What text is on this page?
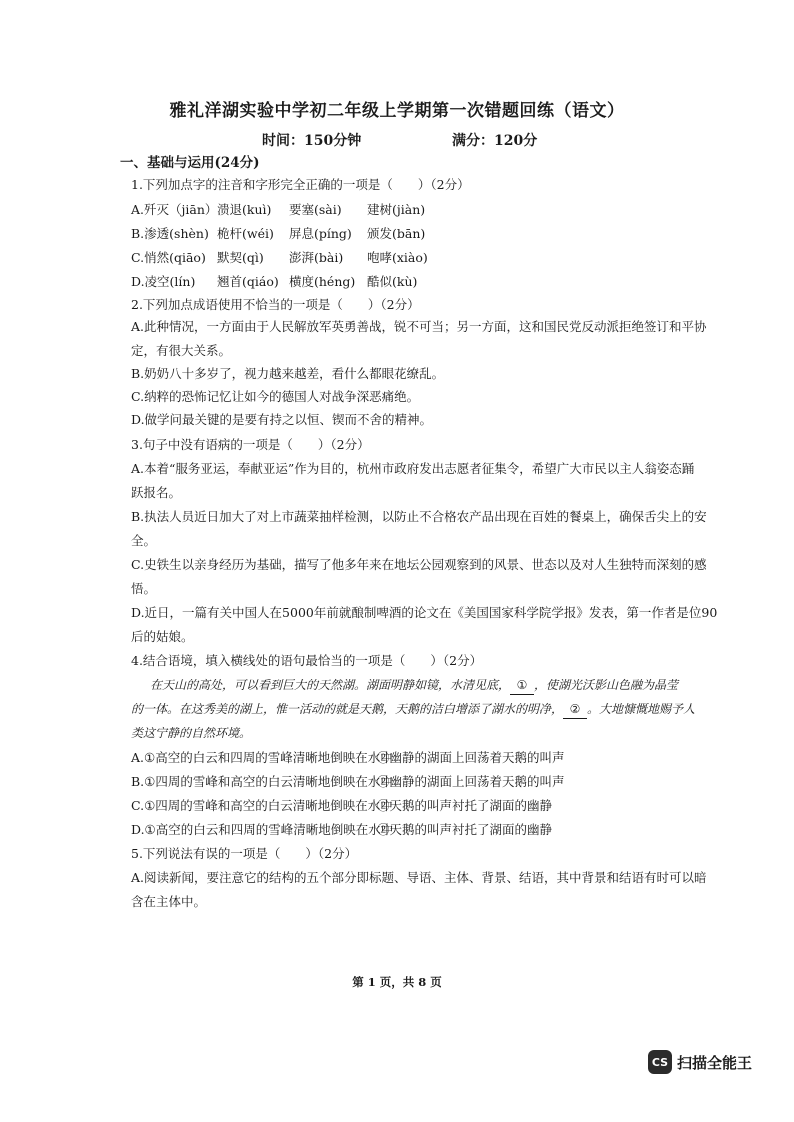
雅礼洋湖实验中学初二年级上学期第一次错题回练（语文）
时间：150分钟	满分：120分
一、基础与运用(24分)
1.下列加点字的注音和字形完全正确的一项是（　　）（2分）
A.歼灭（jiān） 溃退(kuì) 要塞(sài) 建树(jiàn)
B.渗透(shèn) 桅杆(wéi) 屏息(píng) 颁发(bān)
C.悄然(qiāo) 默契(qì) 澎湃(bài) 咆哮(xiào)
D.凌空(lín) 翘首(qiáo) 横度(héng) 酷似(kù)
2.下列加点成语使用不恰当的一项是（　　）（2分）
A.此种情况，一方面由于人民解放军英勇善战，锐不可当；另一方面，这和国民党反动派拒绝签订和平协
定，有很大关系。
B.奶奶八十多岁了，视力越来越差，看什么都眼花缭乱。
C.纳粹的恐怖记忆让如今的德国人对战争深恶痛绝。
D.做学问最关键的是要有持之以恒、锲而不舍的精神。
3.句子中没有语病的一项是（　　）（2分）
A.本着“服务亚运，奉献亚运”作为目的，杭州市政府发出志愿者征集令，希望广大市民以主人翁姿态踊
跃报名。
B.执法人员近日加大了对上市蔬菜抽样检测，以防止不合格农产品出现在百姓的餐桌上，确保舌尖上的安
全。
C.史铁生以亲身经历为基础，描写了他多年来在地坛公园观察到的风景、世态以及对人生独特而深刻的感
悟。
D.近日，一篇有关中国人在5000年前就酿制啤酒的论文在《美国国家科学院学报》发表，第一作者是位90
后的姑娘。
4.结合语境，填入横线处的语句最恰当的一项是（　　）（2分）
在天山的高处，可以看到巨大的天然湖。湖面明静如镜，水清见底， ① ，使湖光沃影山色融为晶莹
的一体。在这秀美的湖上，惟一活动的就是天鹅，天鹅的洁白增添了湖水的明净， ② 。大地慷慨地赐予人
类这宁静的自然环境。
A.①高空的白云和四周的雪峰清晰地倒映在水中
②幽静的湖面上回荡着天鹅的叫声
B.①四周的雪峰和高空的白云清晰地倒映在水中
②幽静的湖面上回荡着天鹅的叫声
C.①四周的雪峰和高空的白云清晰地倒映在水中
②天鹅的叫声衬托了湖面的幽静
D.①高空的白云和四周的雪峰清晰地倒映在水中
②天鹅的叫声衬托了湖面的幽静
5.下列说法有误的一项是（　　）（2分）
A.阅读新闻，要注意它的结构的五个部分即标题、导语、主体、背景、结语，其中背景和结语有时可以暗
含在主体中。
第 1 页，共 8 页
CS 扫描全能王
